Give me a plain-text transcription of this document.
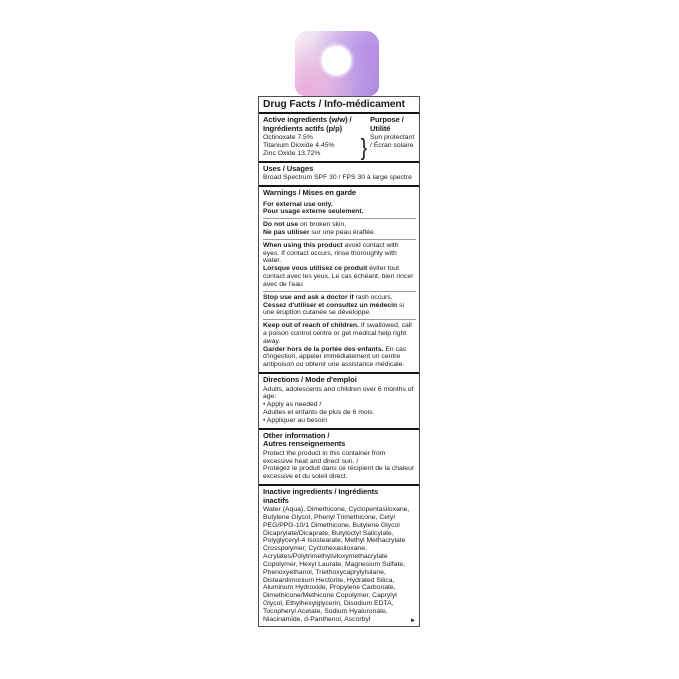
Drug Facts / Info-médicament
Active ingredients (w/w) /
Ingrédients actifs (p/p)
Octinoxate 7.5%
Titanium Dioxide 4.45%
Zinc Oxide 13.72%	}
Purpose / Utilité
Sun protectant / Écran solaire
Uses / Usages
Broad Spectrum SPF 30 / FPS 30 à large spectre
Warnings / Mises en garde
For external use only.
Pour usage externe seulement.
Do not use on broken skin.
Ne pas utiliser sur une peau éraflée.
When using this product avoid contact with eyes. If contact occurs, rinse thoroughly with water.
Lorsque vous utilisez ce produit éviter tout contact avec les yeux. Le cas échéant, bien rincer avec de l'eau
Stop use and ask a doctor if rash occurs.
Cessez d'utiliser et consultez un médecin si une éruption cutanée se développe.
Keep out of reach of children. If swallowed, call a poison control centre or get medical help right away.
Garder hors de la portée des enfants. En cas d'ingestion, appeler immédiatement un centre antipoison ou obtenir une assistance médicale.
Directions / Mode d'emploi
Adults, adolescents and children over 6 months of age:
• Apply as needed /
Adultes et enfants de plus de 6 mois:
• Appliquer au besoin
Other information /
Autres renseignements
Protect the product in this container from excessive heat and direct sun. /
Protégez le produit dans ce récipient de la chaleur excessive et du soleil direct.
Inactive ingredients / Ingrédients
inactifs
Water (Aqua), Dimethicone, Cyclopentasiloxane, Butylene Glycol, Phenyl Trimethicone, Cetyl PEG/PPG-10/1 Dimethicone, Butylene Glycol Dicaprylate/Dicaprate, Butyloctyl Salicylate, Polyglyceryl-4 Isostearate, Methyl Methacrylate Crosspolymer, Cyclohexasiloxane, Acrylates/Polytrimethylsiloxymethacrylate Copolymer, Hexyl Laurate, Magnesium Sulfate, Phenoxyethanol, Triethoxycaprylylsilane, Disteardimonium Hectorite, Hydrated Silica, Aluminum Hydroxide, Propylene Carbonate, Dimethicone/Methicone Copolymer, Caprylyl Glycol, Ethylhexylglycerin, Disodium EDTA, Tocopheryl Acetate, Sodium Hyaluronate, Niacinamide, d-Panthenol, Ascorbyl	►
